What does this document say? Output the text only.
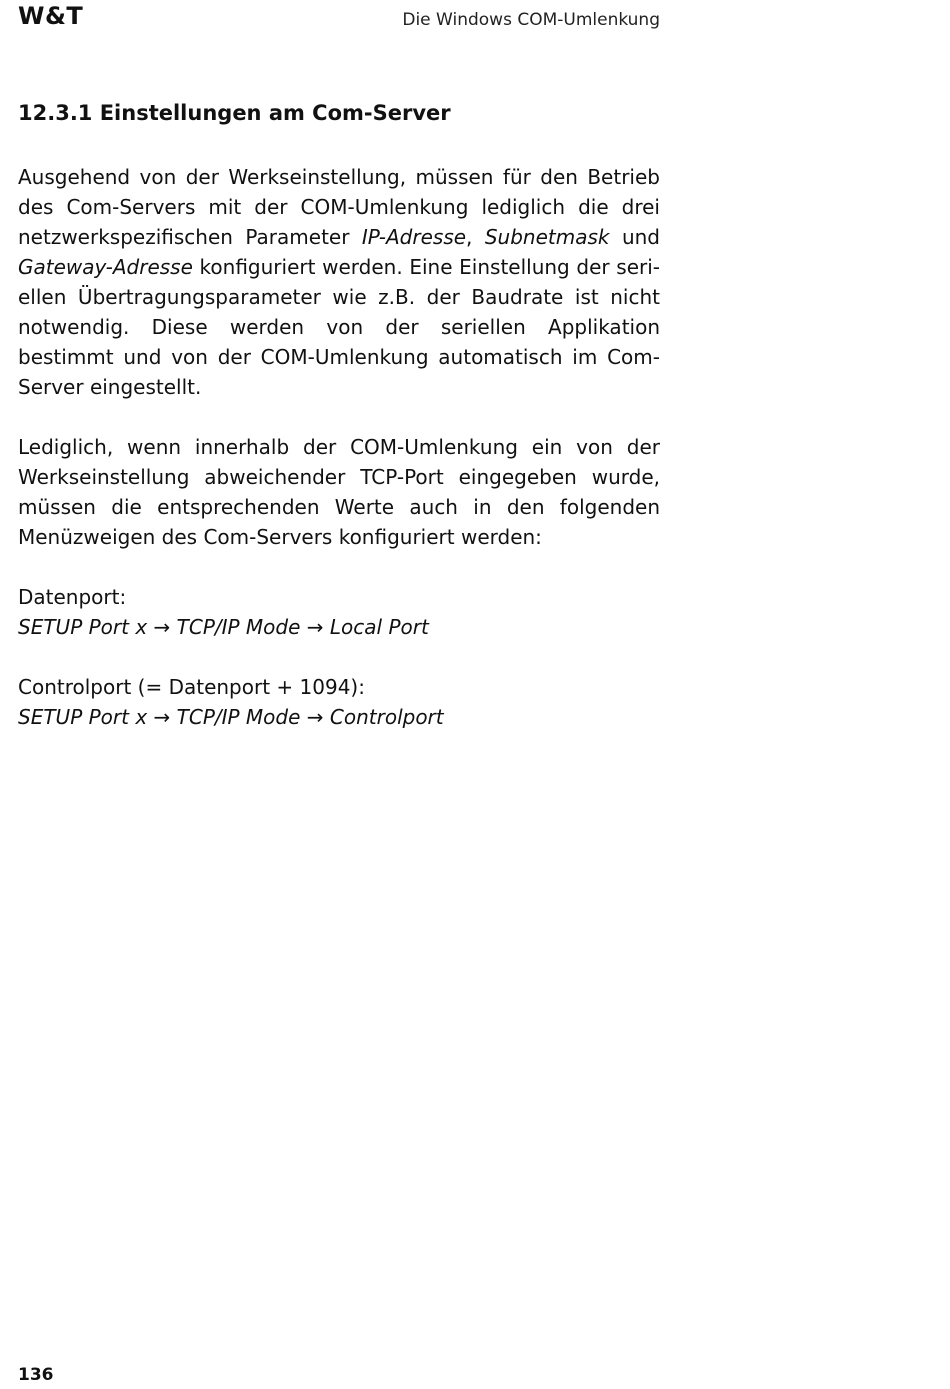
W&T	Die Windows COM-Umlenkung
12.3.1 Einstellungen am Com-Server

Ausgehend von der Werkseinstellung, müssen für den Betrieb des Com-Servers mit der COM-Umlenkung lediglich die drei netzwerkspezifischen Parameter IP-Adresse, Subnetmask und Gateway-Adresse konfiguriert werden. Eine Einstellung der seriellen Übertragungsparameter wie z.B. der Baudrate ist nicht notwendig. Diese werden von der seriellen Applikation bestimmt und von der COM-Umlenkung automatisch im Com-Server eingestellt.

Lediglich, wenn innerhalb der COM-Umlenkung ein von der Werkseinstellung abweichender TCP-Port eingegeben wurde, müssen die entsprechenden Werte auch in den folgenden Menüzweigen des Com-Servers konfiguriert werden:

Datenport:
SETUP Port x → TCP/IP Mode → Local Port
Controlport (= Datenport + 1094):
SETUP Port x → TCP/IP Mode → Controlport
136
